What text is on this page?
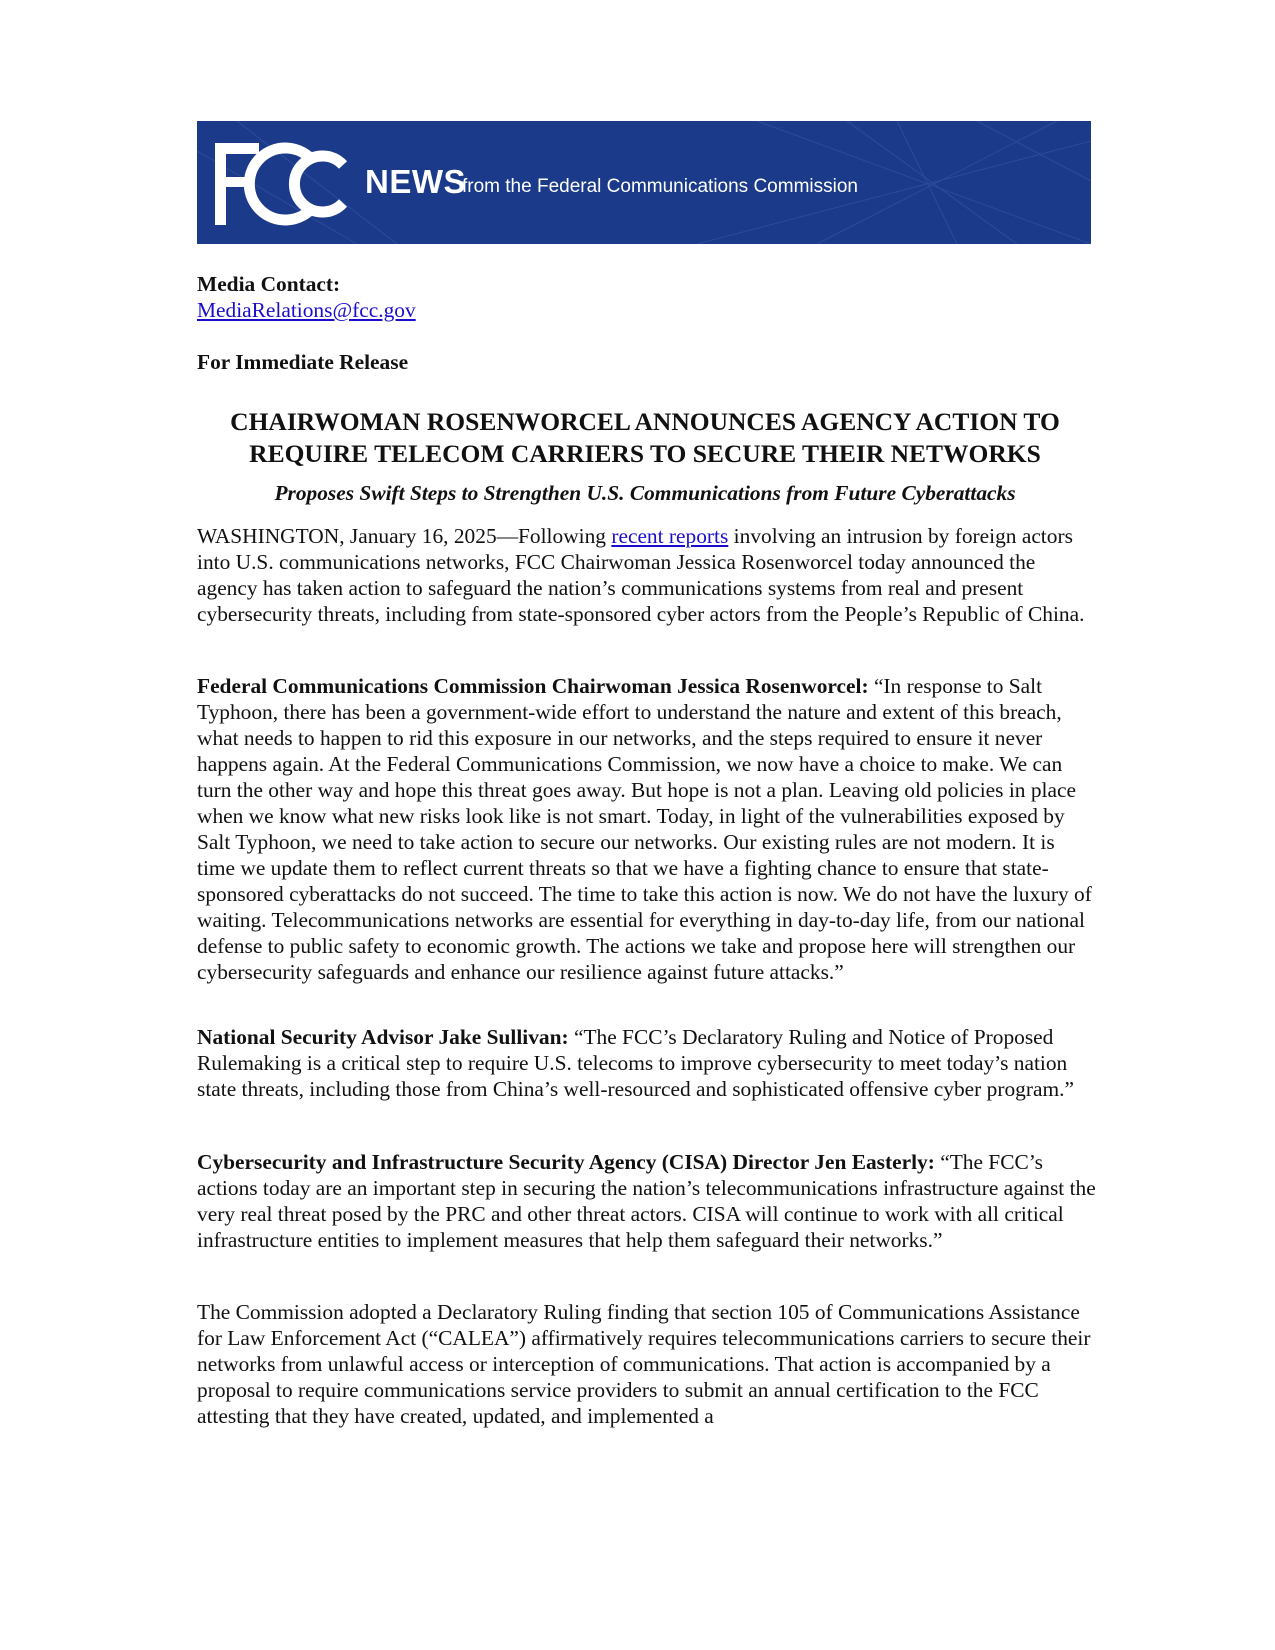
NEWS
from the Federal Communications Commission
Media Contact:
MediaRelations@fcc.gov
For Immediate Release
CHAIRWOMAN ROSENWORCEL ANNOUNCES AGENCY ACTION TO
REQUIRE TELECOM CARRIERS TO SECURE THEIR NETWORKS
Proposes Swift Steps to Strengthen U.S. Communications from Future Cyberattacks

WASHINGTON, January 16, 2025—Following recent reports involving an intrusion by foreign actors into U.S. communications networks, FCC Chairwoman Jessica Rosenworcel today announced the agency has taken action to safeguard the nation’s communications systems from real and present cybersecurity threats, including from state-sponsored cyber actors from the People’s Republic of China.

Federal Communications Commission Chairwoman Jessica Rosenworcel: “In response to Salt Typhoon, there has been a government-wide effort to understand the nature and extent of this breach, what needs to happen to rid this exposure in our networks, and the steps required to ensure it never happens again. At the Federal Communications Commission, we now have a choice to make. We can turn the other way and hope this threat goes away. But hope is not a plan. Leaving old policies in place when we know what new risks look like is not smart. Today, in light of the vulnerabilities exposed by Salt Typhoon, we need to take action to secure our networks. Our existing rules are not modern. It is time we update them to reflect current threats so that we have a fighting chance to ensure that state-sponsored cyberattacks do not succeed. The time to take this action is now. We do not have the luxury of waiting. Telecommunications networks are essential for everything in day-to-day life, from our national defense to public safety to economic growth. The actions we take and propose here will strengthen our cybersecurity safeguards and enhance our resilience against future attacks.”

National Security Advisor Jake Sullivan: “The FCC’s Declaratory Ruling and Notice of Proposed Rulemaking is a critical step to require U.S. telecoms to improve cybersecurity to meet today’s nation state threats, including those from China’s well-resourced and sophisticated offensive cyber program.”

Cybersecurity and Infrastructure Security Agency (CISA) Director Jen Easterly: “The FCC’s actions today are an important step in securing the nation’s telecommunications infrastructure against the very real threat posed by the PRC and other threat actors. CISA will continue to work with all critical infrastructure entities to implement measures that help them safeguard their networks.”

The Commission adopted a Declaratory Ruling finding that section 105 of Communications Assistance for Law Enforcement Act (“CALEA”) affirmatively requires telecommunications carriers to secure their networks from unlawful access or interception of communications. That action is accompanied by a proposal to require communications service providers to submit an annual certification to the FCC attesting that they have created, updated, and implemented a
